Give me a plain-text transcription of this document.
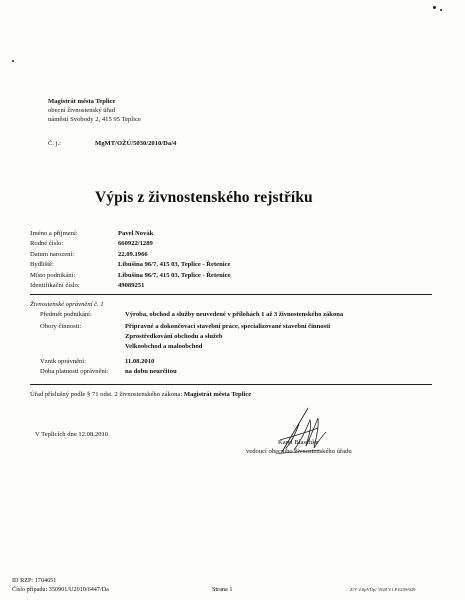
Magistrát města Teplice
obecní živnostenský úřad
náměstí Svobody 2, 415 95 Teplice
Č. j.:	MgMT/OŽÚ/5030/2010/Da/4
Výpis z živnostenského rejstříku
Jméno a příjmení:	Pavel Novák
Rodné číslo:	660922/1289
Datum narození:	22.09.1966
Bydliště:	Libušina 96/7, 415 03, Teplice - Řetenice
Místo podnikání:	Libušina 96/7, 415 03, Teplice - Řetenice
Identifikační číslo:	49089251
Živnostenské oprávnění č. 1
Předmět podnikání:	Výroba, obchod a služby neuvedené v přílohách 1 až 3 živnostenského zákona
Obory činnosti:	Přípravné a dokončovací stavební práce, specializované stavební činnosti
Zprostředkování obchodu a služeb
Velkoobchod a maloobchod
Vznik oprávnění:	11.08.2010
Doba platnosti oprávnění:	na dobu neurčitou
Úřad příslušný podle § 71 odst. 2 živnostenského zákona: Magistrát města Teplice
V Teplicích dne 12.08.2010
Karel Blaschke
vedoucí obecního živnostenského úřadu
ID RZP: 1704651
Číslo případu: 350901/U2010/6447/Da	Strana 1	Z/V 2.0pVÚp/ 1920 V1.P.0239/029
